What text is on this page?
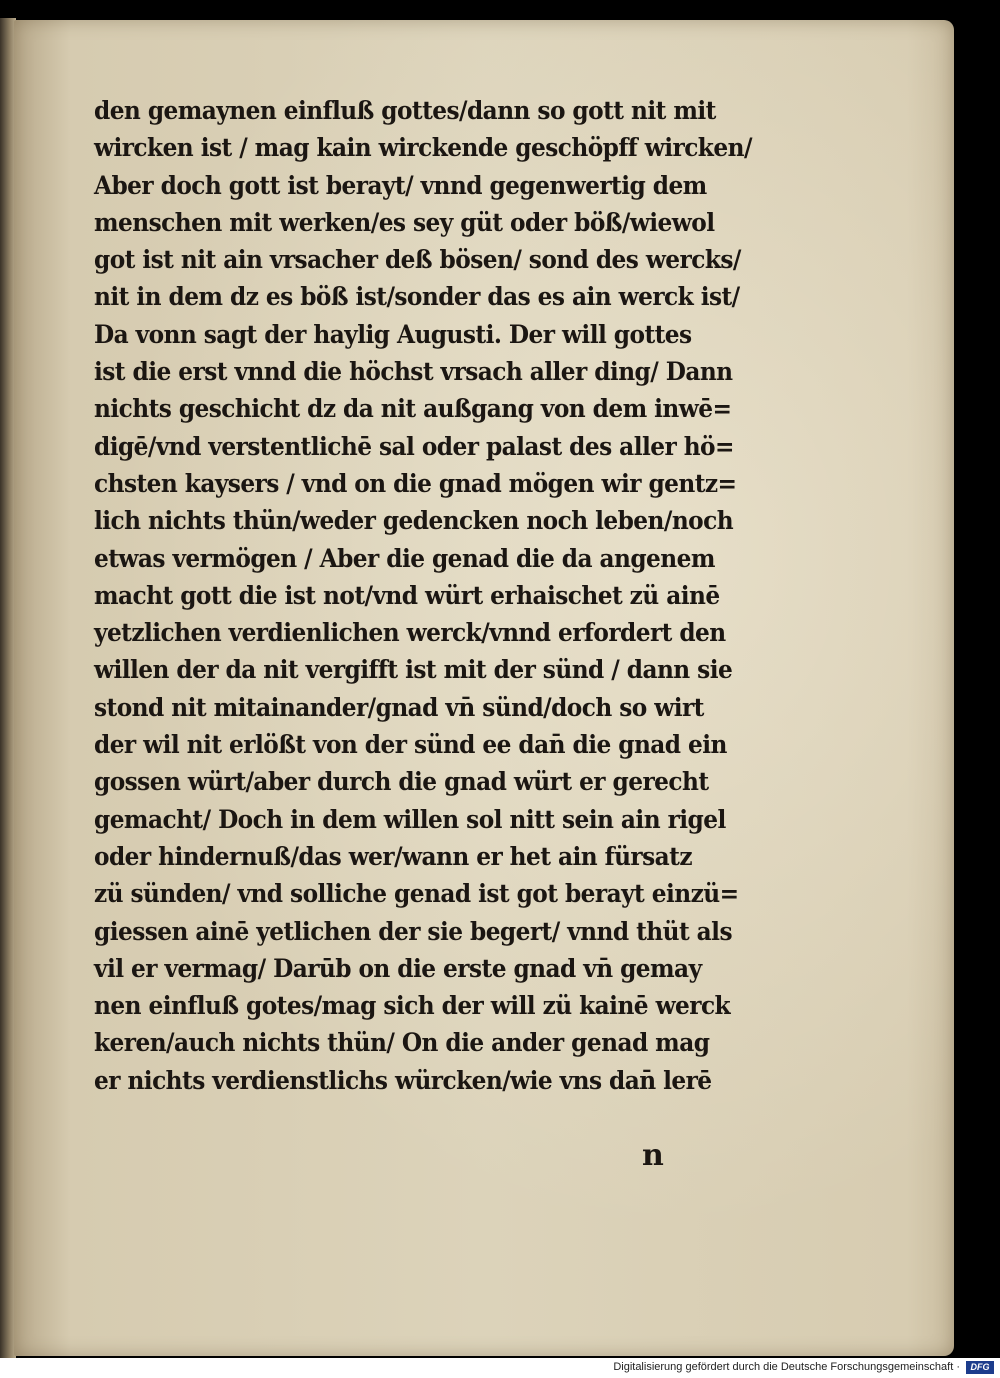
den gemaynen einfluß gottes/dann so gott nit mit
wircken ist / mag kain wirckende geschöpff wircken/
Aber doch gott ist berayt/ vnnd gegenwertig dem
menschen mit werken/es sey güt oder böß/wiewol
got ist nit ain vrsacher deß bösen/ sond des wercks/
nit in dem dz es böß ist/sonder das es ain werck ist/
Da vonn sagt der haylig Augusti. Der will gottes
ist die erst vnnd die höchst vrsach aller ding/ Dann
nichts geschicht dz da nit außgang von dem inwē=
digē/vnd verstentlichē sal oder palast des aller hö=
chsten kaysers / vnd on die gnad mögen wir gentz=
lich nichts thün/weder gedencken noch leben/noch
etwas vermögen / Aber die genad die da angenem
macht gott die ist not/vnd würt erhaischet zü ainē
yetzlichen verdienlichen werck/vnnd erfordert den
willen der da nit vergifft ist mit der sünd / dann sie
stond nit mitainander/gnad vn̄ sünd/doch so wirt
der wil nit erlößt von der sünd ee dan̄ die gnad ein
gossen würt/aber durch die gnad würt er gerecht
gemacht/ Doch in dem willen sol nitt sein ain rigel
oder hindernuß/das wer/wann er het ain fürsatz
zü sünden/ vnd solliche genad ist got berayt einzü=
giessen ainē yetlichen der sie begert/ vnnd thüt als
vil er vermag/ Darūb on die erste gnad vn̄ gemay
nen einfluß gotes/mag sich der will zü kainē werck
keren/auch nichts thün/ On die ander genad mag
er nichts verdienstlichs würcken/wie vns dan̄ lerē
n
Digitalisierung gefördert durch die Deutsche Forschungsgemeinschaft ·	DFG
